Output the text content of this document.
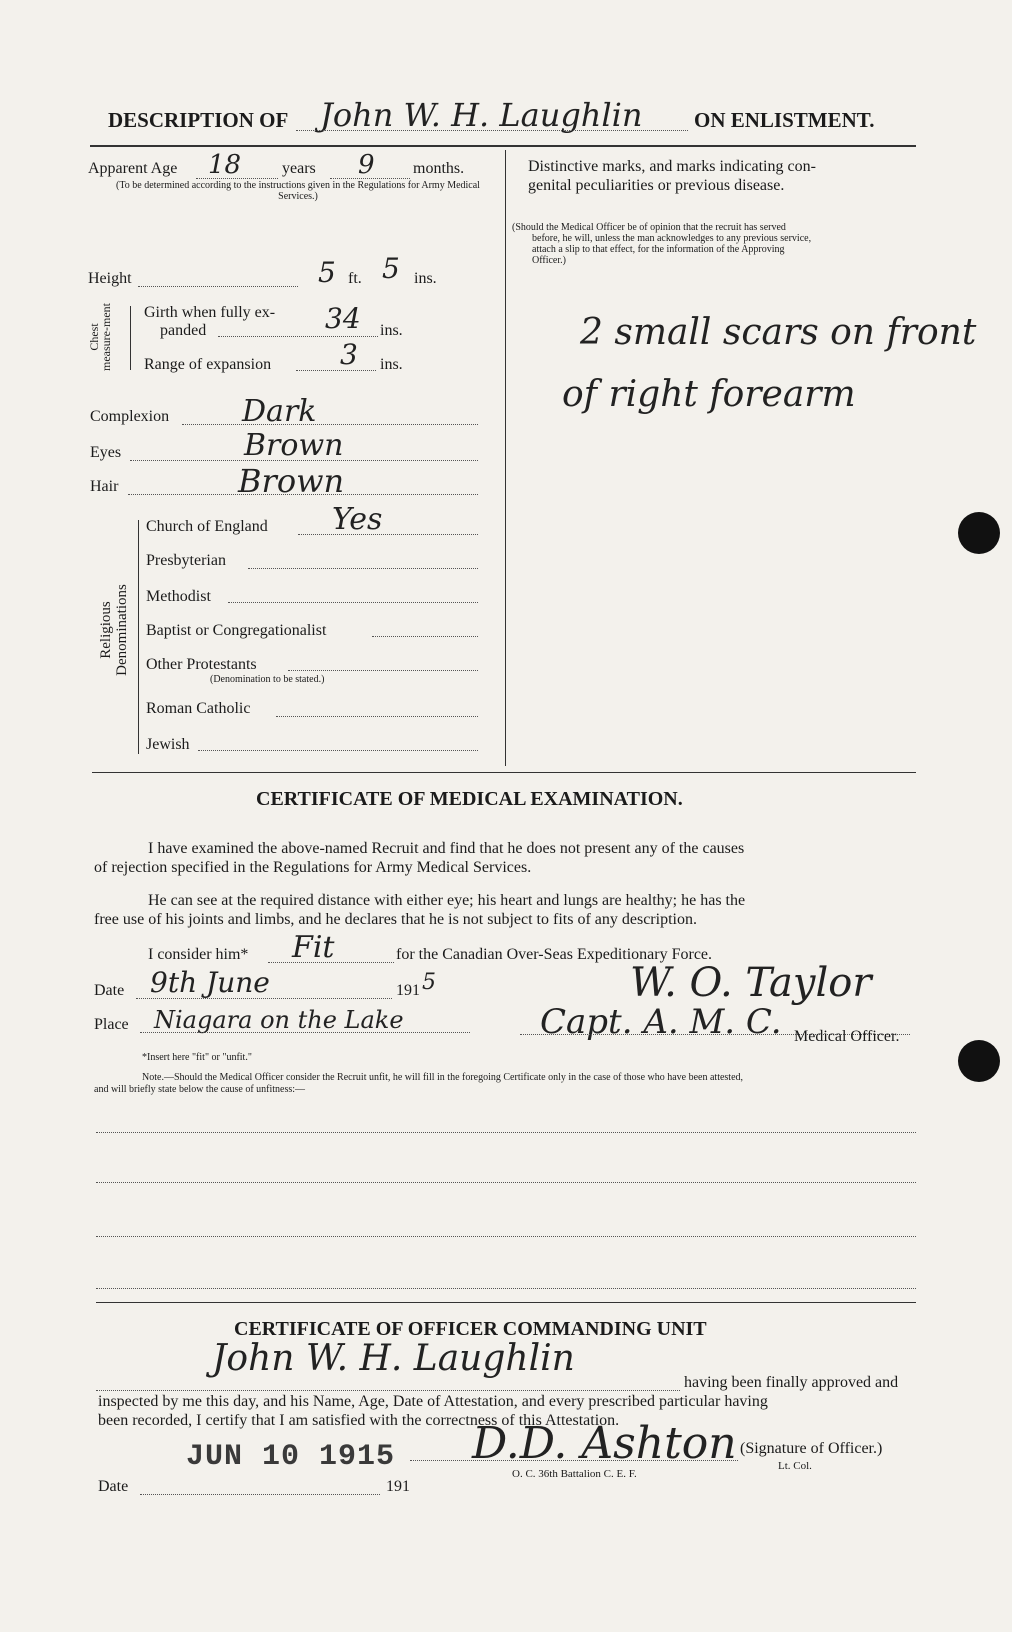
DESCRIPTION OF John W. H. Laughlin ON ENLISTMENT.
Apparent Age 18	years 9 months.
(To be determined according to the instructions given in the Regulations for Army Medical Services.)
Height	5 ft. 5 ins.
Chest measure-ment Girth when fully ex-
panded	34 ins.
Range of expansion 3 ins.
Complexion Dark
Eyes	Brown
Hair	Brown
Religious Denominations
Church of England Yes
Presbyterian
Methodist
Baptist or Congregationalist
Other Protestants
(Denomination to be stated.)
Roman Catholic
Jewish
Distinctive marks, and marks indicating con-
genital peculiarities or previous disease.
(Should the Medical Officer be of opinion that the recruit has served
before, he will, unless the man acknowledges to any previous service,
attach a slip to that effect, for the information of the Approving
Officer.)
2 small scars on front
of right forearm
CERTIFICATE OF MEDICAL EXAMINATION.
I have examined the above-named Recruit and find that he does not present any of the causes
of rejection specified in the Regulations for Army Medical Services.
He can see at the required distance with either eye; his heart and lungs are healthy; he has the
free use of his joints and limbs, and he declares that he is not subject to fits of any description.
I consider him* Fit	for the Canadian Over-Seas Expeditionary Force.
Date 9th June	191 5
Place Niagara on the Lake
W. O. Taylor
Capt. A. M. C. Medical Officer.
*Insert here "fit" or "unfit."
Note.—Should the Medical Officer consider the Recruit unfit, he will fill in the foregoing Certificate only in the case of those who have been attested,
and will briefly state below the cause of unfitness:—
CERTIFICATE OF OFFICER COMMANDING UNIT
John W. H. Laughlin
having been finally approved and
inspected by me this day, and his Name, Age, Date of Attestation, and every prescribed particular having
been recorded, I certify that I am satisfied with the correctness of this Attestation.
JUN 10 1915 D.D. Ashton (Signature of Officer.)
Lt. Col.
O. C. 36th Battalion C. E. F.
Date	191
